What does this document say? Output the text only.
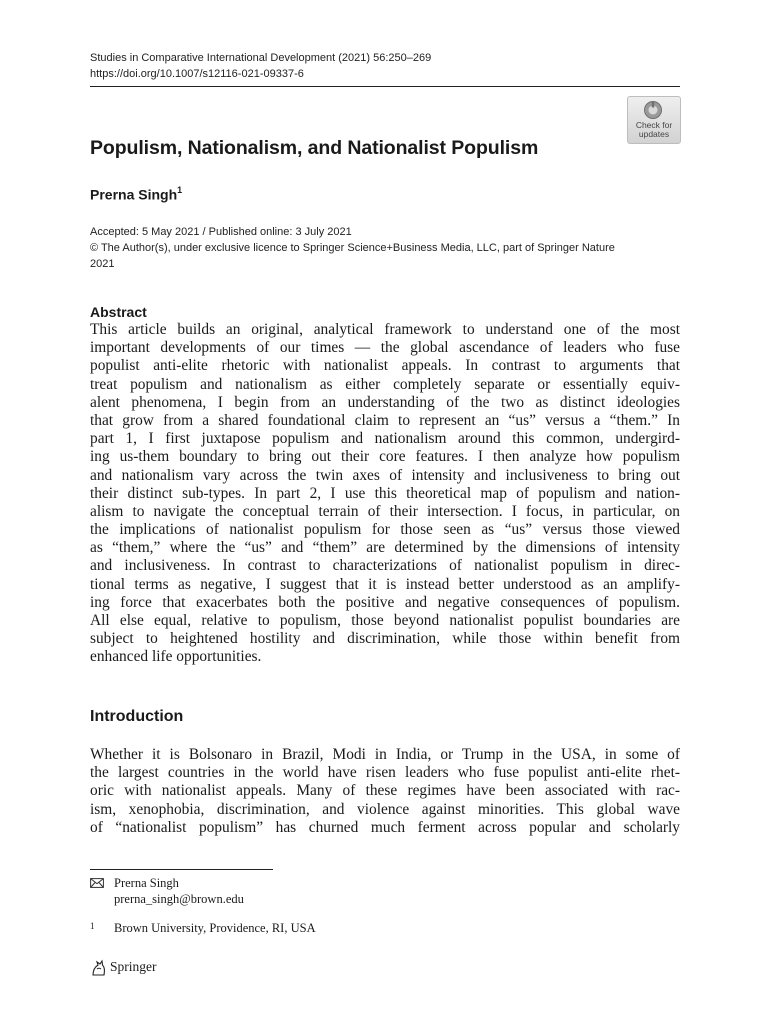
Studies in Comparative International Development (2021) 56:250–269
https://doi.org/10.1007/s12116-021-09337-6
Check for
updates
Populism, Nationalism, and Nationalist Populism
Prerna Singh$^1$
Accepted: 5 May 2021 / Published online: 3 July 2021
© The Author(s), under exclusive licence to Springer Science+Business Media, LLC, part of Springer Nature
2021
Abstract
This article builds an original, analytical framework to understand one of the most
important developments of our times — the global ascendance of leaders who fuse
populist anti-elite rhetoric with nationalist appeals. In contrast to arguments that
treat populism and nationalism as either completely separate or essentially equiv-
alent phenomena, I begin from an understanding of the two as distinct ideologies
that grow from a shared foundational claim to represent an “us” versus a “them.” In
part 1, I first juxtapose populism and nationalism around this common, undergird-
ing us-them boundary to bring out their core features. I then analyze how populism
and nationalism vary across the twin axes of intensity and inclusiveness to bring out
their distinct sub-types. In part 2, I use this theoretical map of populism and nation-
alism to navigate the conceptual terrain of their intersection. I focus, in particular, on
the implications of nationalist populism for those seen as “us” versus those viewed
as “them,” where the “us” and “them” are determined by the dimensions of intensity
and inclusiveness. In contrast to characterizations of nationalist populism in direc-
tional terms as negative, I suggest that it is instead better understood as an amplify-
ing force that exacerbates both the positive and negative consequences of populism.
All else equal, relative to populism, those beyond nationalist populist boundaries are
subject to heightened hostility and discrimination, while those within benefit from
enhanced life opportunities.
Introduction
Whether it is Bolsonaro in Brazil, Modi in India, or Trump in the USA, in some of
the largest countries in the world have risen leaders who fuse populist anti-elite rhet-
oric with nationalist appeals. Many of these regimes have been associated with rac-
ism, xenophobia, discrimination, and violence against minorities. This global wave
of “nationalist populism” has churned much ferment across popular and scholarly
Prerna Singh
prerna_singh@brown.edu
1 Brown University, Providence, RI, USA
Springer
